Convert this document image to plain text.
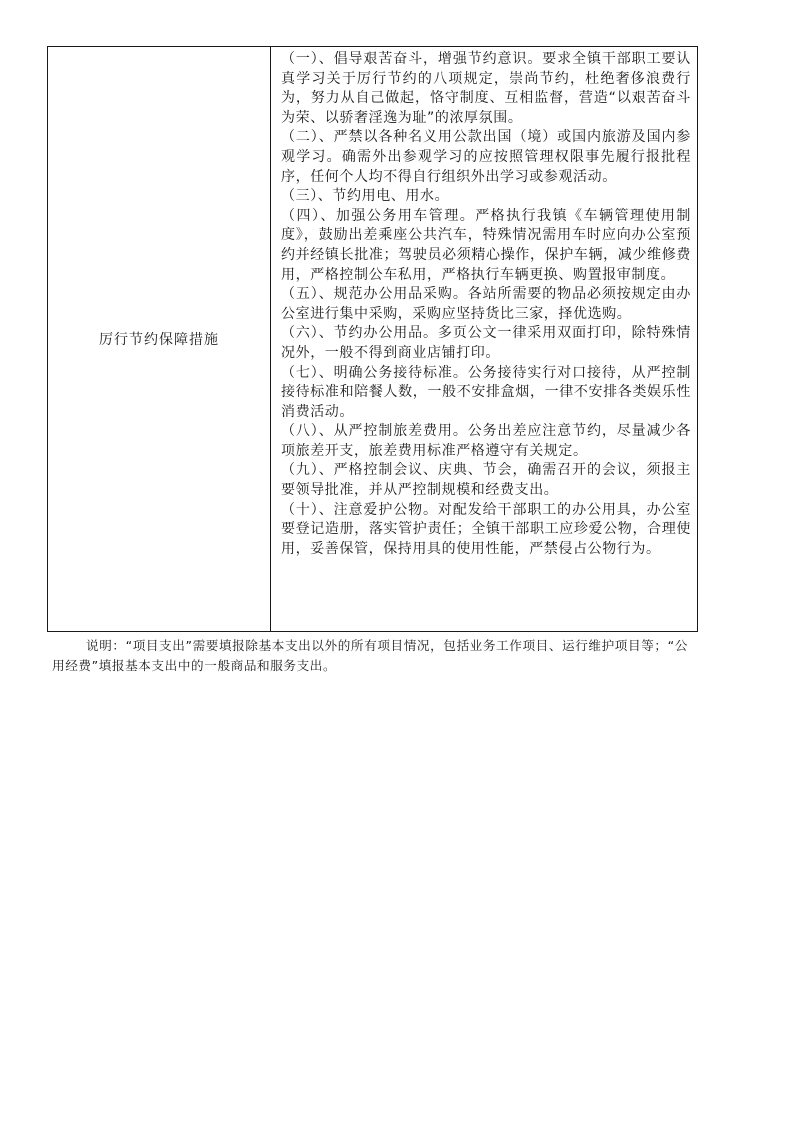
厉行节约保障措施	

（一）、倡导艰苦奋斗，增强节约意识。要求全镇干部职工要认真学习关于厉行节约的八项规定，崇尚节约，杜绝奢侈浪费行为，努力从自己做起，恪守制度、互相监督，营造“以艰苦奋斗为荣、以骄奢淫逸为耻”的浓厚氛围。

（二）、严禁以各种名义用公款出国（境）或国内旅游及国内参观学习。确需外出参观学习的应按照管理权限事先履行报批程序，任何个人均不得自行组织外出学习或参观活动。

（三）、节约用电、用水。

（四）、加强公务用车管理。严格执行我镇《车辆管理使用制度》，鼓励出差乘座公共汽车，特殊情况需用车时应向办公室预约并经镇长批准；驾驶员必须精心操作，保护车辆，减少维修费用，严格控制公车私用，严格执行车辆更换、购置报审制度。

（五）、规范办公用品采购。各站所需要的物品必须按规定由办公室进行集中采购，采购应坚持货比三家，择优选购。

（六）、节约办公用品。多页公文一律采用双面打印，除特殊情况外，一般不得到商业店铺打印。

（七）、明确公务接待标准。公务接待实行对口接待，从严控制接待标准和陪餐人数，一般不安排盒烟，一律不安排各类娱乐性消费活动。

（八）、从严控制旅差费用。公务出差应注意节约，尽量减少各项旅差开支，旅差费用标准严格遵守有关规定。

（九）、严格控制会议、庆典、节会，确需召开的会议，须报主要领导批准，并从严控制规模和经费支出。

（十）、注意爱护公物。对配发给干部职工的办公用具，办公室要登记造册，落实管护责任；全镇干部职工应珍爱公物，合理使用，妥善保管，保持用具的使用性能，严禁侵占公物行为。

说明：“项目支出”需要填报除基本支出以外的所有项目情况，包括业务工作项目、运行维护项目等；“公用经费”填报基本支出中的一般商品和服务支出。
